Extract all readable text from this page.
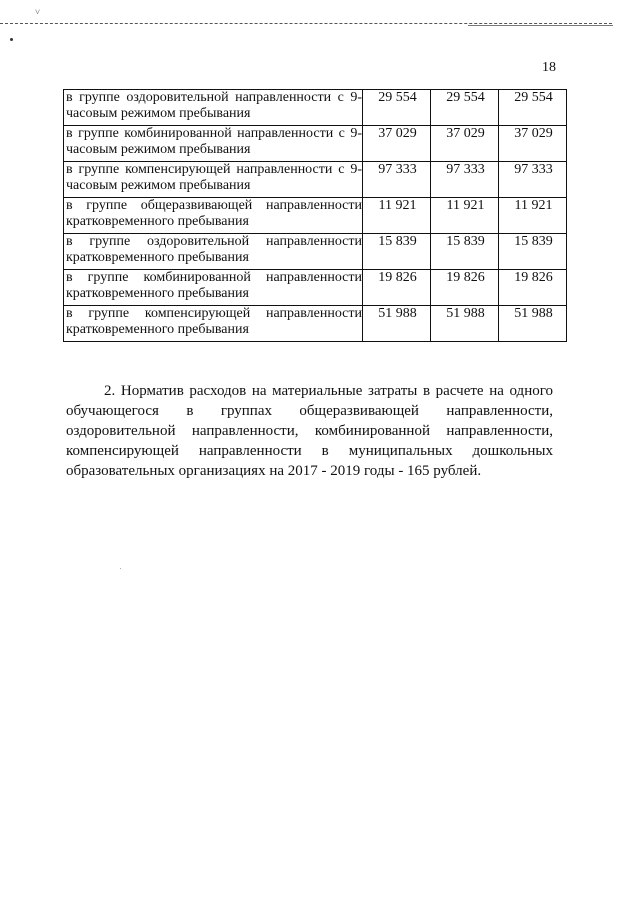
˅
18
в группе оздоровительной направленности с 9-часовым режимом пребывания	29 554	29 554	29 554
в группе комбинированной направленности с 9-часовым режимом пребывания	37 029	37 029	37 029
в группе компенсирующей направленности с 9-часовым режимом пребывания	97 333	97 333	97 333
в группе общеразвивающей направленности кратковременного пребывания	11 921	11 921	11 921
в группе оздоровительной направленности кратковременного пребывания	15 839	15 839	15 839
в группе комбинированной направленности кратковременного пребывания	19 826	19 826	19 826
в группе компенсирующей направленности кратковременного пребывания	51 988	51 988	51 988

2. Норматив расходов на материальные затраты в расчете на одного обучающегося в группах общеразвивающей направленности, оздоровительной направленности, комбинированной направленности, компенсирующей направленности в муниципальных дошкольных образовательных организациях на 2017 - 2019 годы - 165 рублей.
